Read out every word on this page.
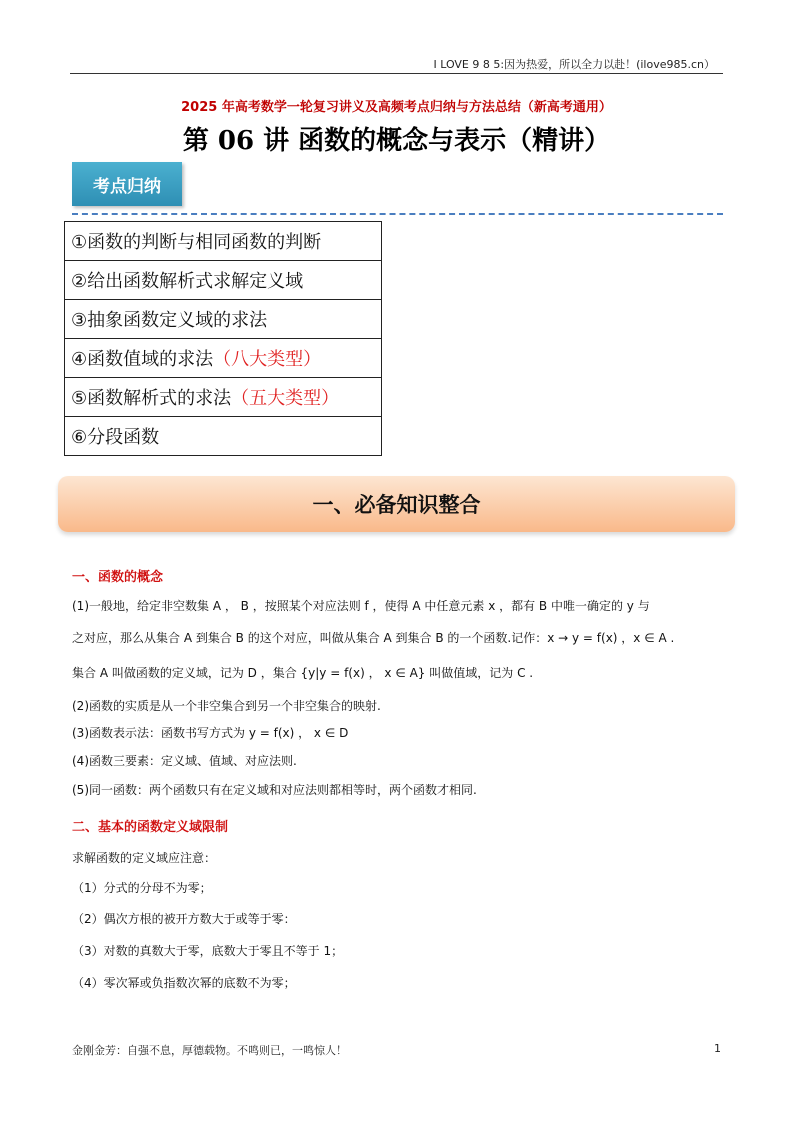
I LOVE 9 8 5:因为热爱，所以全力以赴！(ilove985.cn）
2025 年高考数学一轮复习讲义及高频考点归纳与方法总结（新高考通用）
第 06 讲 函数的概念与表示（精讲）
考点归纳
①函数的判断与相同函数的判断
②给出函数解析式求解定义域
③抽象函数定义域的求法
④函数值域的求法（八大类型）
⑤函数解析式的求法（五大类型）
⑥分段函数
一、必备知识整合
一、函数的概念
(1)一般地，给定非空数集 A ， B ，按照某个对应法则 f ，使得 A 中任意元素 x ，都有 B 中唯一确定的 y 与
之对应，那么从集合 A 到集合 B 的这个对应，叫做从集合 A 到集合 B 的一个函数.记作：x → y = f(x) ，x ∈ A .
集合 A 叫做函数的定义域，记为 D ，集合 {y|y = f(x) ， x ∈ A} 叫做值域，记为 C .
(2)函数的实质是从一个非空集合到另一个非空集合的映射.
(3)函数表示法：函数书写方式为 y = f(x) ， x ∈ D
(4)函数三要素：定义域、值域、对应法则.
(5)同一函数：两个函数只有在定义域和对应法则都相等时，两个函数才相同.
二、基本的函数定义域限制
求解函数的定义域应注意：
（1）分式的分母不为零；
（2）偶次方根的被开方数大于或等于零：
（3）对数的真数大于零，底数大于零且不等于 1；
（4）零次幂或负指数次幂的底数不为零；
金刚金芳：自强不息，厚德载物。不鸣则已，一鸣惊人！	1
